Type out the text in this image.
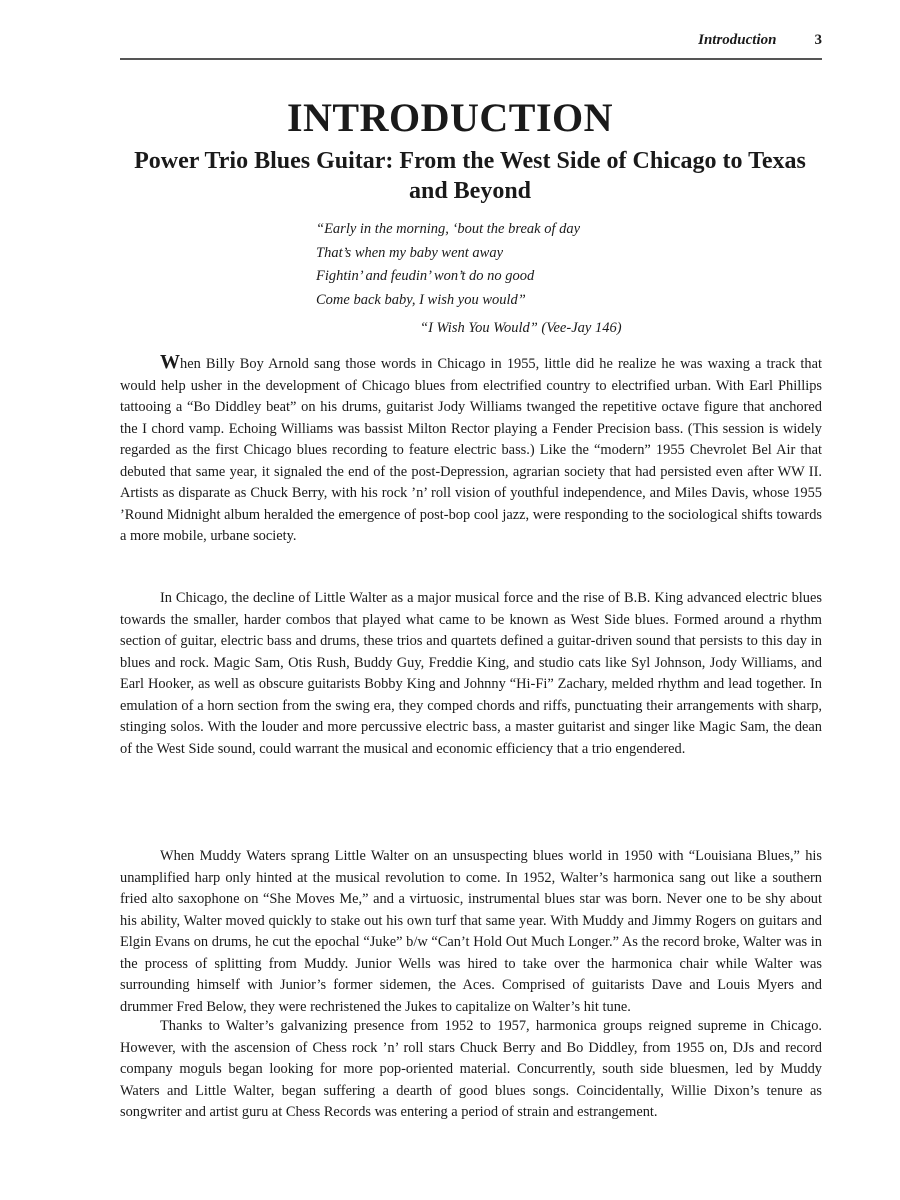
Introduction	3
INTRODUCTION
Power Trio Blues Guitar: From the West Side of Chicago to Texas and Beyond
“Early in the morning, ‘bout the break of day
That’s when my baby went away
Fightin’ and feudin’ won’t do no good
Come back baby, I wish you would”
“I Wish You Would” (Vee-Jay 146)

When Billy Boy Arnold sang those words in Chicago in 1955, little did he realize he was waxing a track that would help usher in the development of Chicago blues from electrified country to electrified urban. With Earl Phillips tattooing a “Bo Diddley beat” on his drums, guitarist Jody Williams twanged the repetitive octave figure that anchored the I chord vamp. Echoing Williams was bassist Milton Rector playing a Fender Precision bass. (This session is widely regarded as the first Chicago blues recording to feature electric bass.) Like the “modern” 1955 Chevrolet Bel Air that debuted that same year, it signaled the end of the post-Depression, agrarian society that had persisted even after WW II. Artists as disparate as Chuck Berry, with his rock ’n’ roll vision of youthful independence, and Miles Davis, whose 1955 ’Round Midnight album heralded the emergence of post-bop cool jazz, were responding to the sociological shifts towards a more mobile, urbane society.

In Chicago, the decline of Little Walter as a major musical force and the rise of B.B. King advanced electric blues towards the smaller, harder combos that played what came to be known as West Side blues. Formed around a rhythm section of guitar, electric bass and drums, these trios and quartets defined a guitar-driven sound that persists to this day in blues and rock. Magic Sam, Otis Rush, Buddy Guy, Freddie King, and studio cats like Syl Johnson, Jody Williams, and Earl Hooker, as well as obscure guitarists Bobby King and Johnny “Hi-Fi” Zachary, melded rhythm and lead together. In emulation of a horn section from the swing era, they comped chords and riffs, punctuating their arrangements with sharp, stinging solos. With the louder and more percussive electric bass, a master guitarist and singer like Magic Sam, the dean of the West Side sound, could warrant the musical and economic efficiency that a trio engendered.

When Muddy Waters sprang Little Walter on an unsuspecting blues world in 1950 with “Louisiana Blues,” his unamplified harp only hinted at the musical revolution to come. In 1952, Walter’s harmonica sang out like a southern fried alto saxophone on “She Moves Me,” and a virtuosic, instrumental blues star was born. Never one to be shy about his ability, Walter moved quickly to stake out his own turf that same year. With Muddy and Jimmy Rogers on guitars and Elgin Evans on drums, he cut the epochal “Juke” b/w “Can’t Hold Out Much Longer.” As the record broke, Walter was in the process of splitting from Muddy. Junior Wells was hired to take over the harmonica chair while Walter was surrounding himself with Junior’s former sidemen, the Aces. Comprised of guitarists Dave and Louis Myers and drummer Fred Below, they were rechristened the Jukes to capitalize on Walter’s hit tune.

Thanks to Walter’s galvanizing presence from 1952 to 1957, harmonica groups reigned supreme in Chicago. However, with the ascension of Chess rock ’n’ roll stars Chuck Berry and Bo Diddley, from 1955 on, DJs and record company moguls began looking for more pop-oriented material. Concurrently, south side bluesmen, led by Muddy Waters and Little Walter, began suffering a dearth of good blues songs. Coincidentally, Willie Dixon’s tenure as songwriter and artist guru at Chess Records was entering a period of strain and estrangement.
